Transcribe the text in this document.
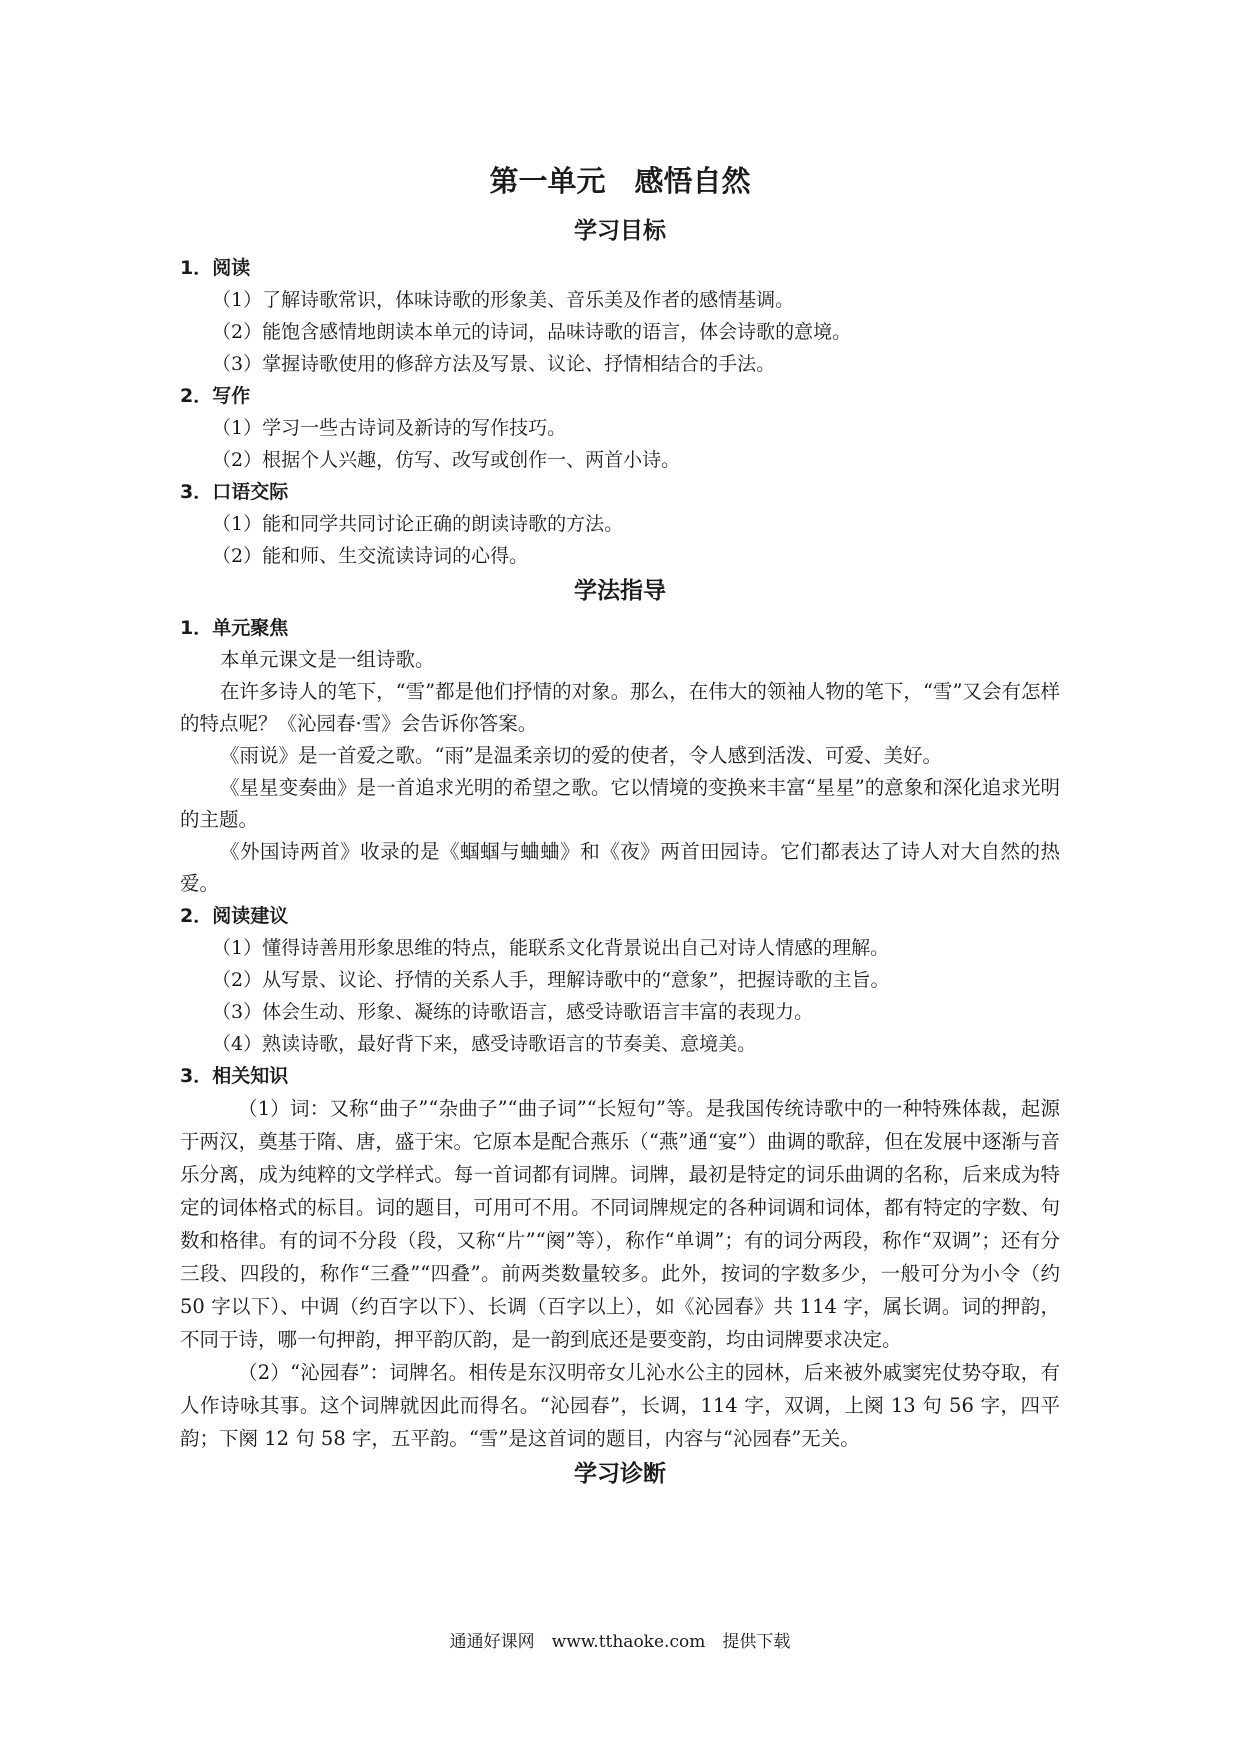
第一单元　感悟自然
学习目标

1．阅读

（1）了解诗歌常识，体味诗歌的形象美、音乐美及作者的感情基调。

（2）能饱含感情地朗读本单元的诗词，品味诗歌的语言，体会诗歌的意境。

（3）掌握诗歌使用的修辞方法及写景、议论、抒情相结合的手法。

2．写作

（1）学习一些古诗词及新诗的写作技巧。

（2）根据个人兴趣，仿写、改写或创作一、两首小诗。

3．口语交际

（1）能和同学共同讨论正确的朗读诗歌的方法。

（2）能和师、生交流读诗词的心得。

学法指导

1．单元聚焦

本单元课文是一组诗歌。

在许多诗人的笔下，“雪”都是他们抒情的对象。那么，在伟大的领袖人物的笔下，“雪”又会有怎样的特点呢？《沁园春·雪》会告诉你答案。

《雨说》是一首爱之歌。“雨”是温柔亲切的爱的使者，令人感到活泼、可爱、美好。

《星星变奏曲》是一首追求光明的希望之歌。它以情境的变换来丰富“星星”的意象和深化追求光明的主题。

《外国诗两首》收录的是《蝈蝈与蛐蛐》和《夜》两首田园诗。它们都表达了诗人对大自然的热爱。

2．阅读建议

（1）懂得诗善用形象思维的特点，能联系文化背景说出自己对诗人情感的理解。

（2）从写景、议论、抒情的关系人手，理解诗歌中的“意象”，把握诗歌的主旨。

（3）体会生动、形象、凝练的诗歌语言，感受诗歌语言丰富的表现力。

（4）熟读诗歌，最好背下来，感受诗歌语言的节奏美、意境美。

3．相关知识

（1）词：又称“曲子”“杂曲子”“曲子词”“长短句”等。是我国传统诗歌中的一种特殊体裁，起源于两汉，奠基于隋、唐，盛于宋。它原本是配合燕乐（“燕”通“宴”）曲调的歌辞，但在发展中逐渐与音乐分离，成为纯粹的文学样式。每一首词都有词牌。词牌，最初是特定的词乐曲调的名称，后来成为特定的词体格式的标目。词的题目，可用可不用。不同词牌规定的各种词调和词体，都有特定的字数、句数和格律。有的词不分段（段，又称“片”“阕”等），称作“单调”；有的词分两段，称作“双调”；还有分三段、四段的，称作“三叠”“四叠”。前两类数量较多。此外，按词的字数多少，一般可分为小令（约 50 字以下）、中调（约百字以下）、长调（百字以上），如《沁园春》共 114 字，属长调。词的押韵，不同于诗，哪一句押韵，押平韵仄韵，是一韵到底还是要变韵，均由词牌要求决定。

（2）“沁园春”：词牌名。相传是东汉明帝女儿沁水公主的园林，后来被外戚窦宪仗势夺取，有人作诗咏其事。这个词牌就因此而得名。“沁园春”，长调，114 字，双调，上阕 13 句 56 字，四平韵；下阕 12 句 58 字，五平韵。“雪”是这首词的题目，内容与“沁园春”无关。

学习诊断
通通好课网　www.tthaoke.com　提供下载
